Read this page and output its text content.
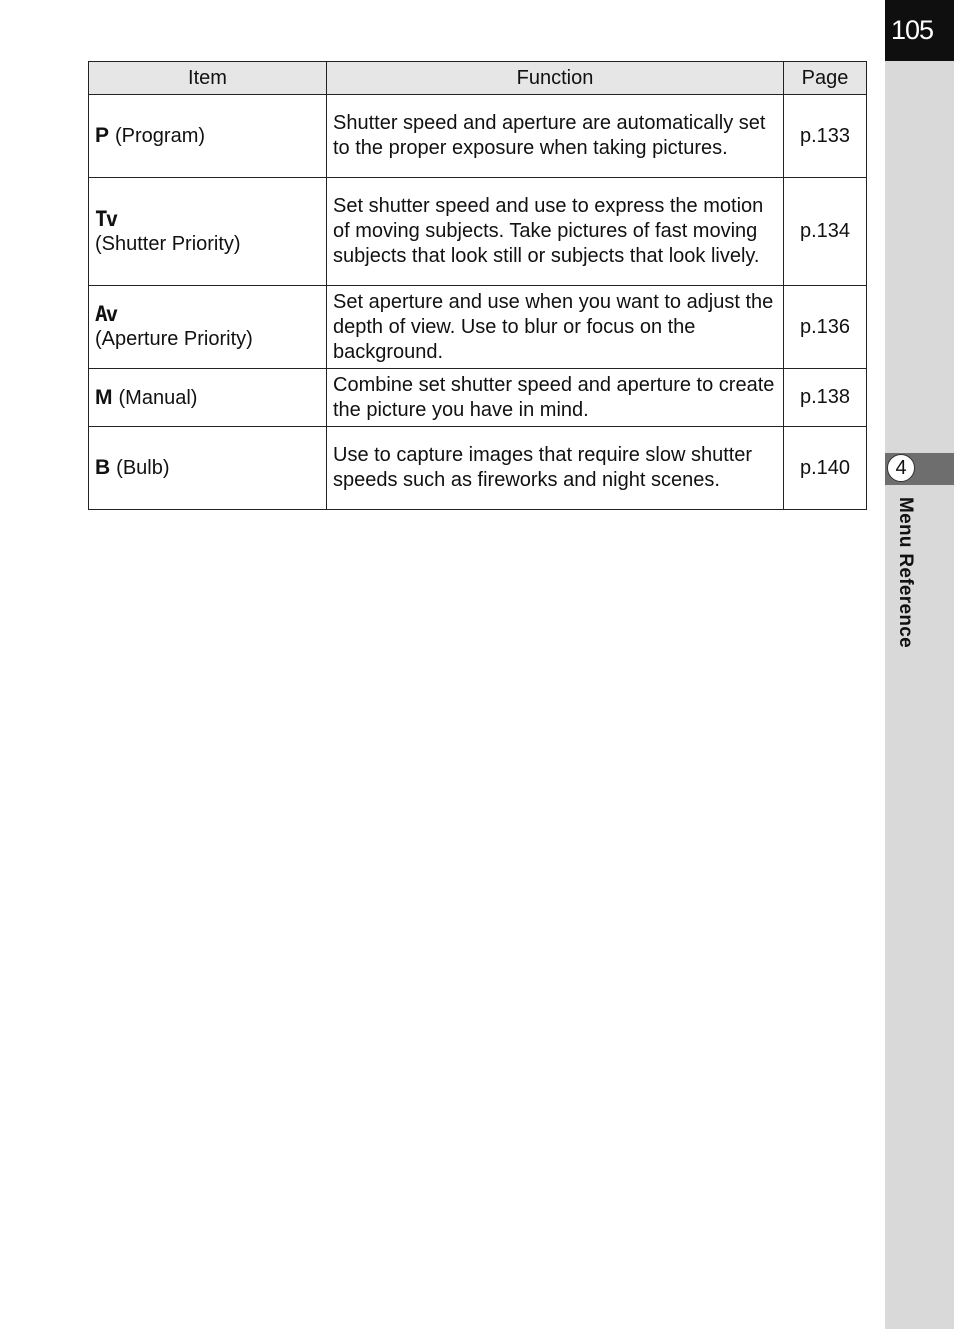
105
4
Menu Reference
Item	Function	Page
P (Program)	Shutter speed and aperture are automatically set to the proper exposure when taking pictures.	p.133

Tv
(Shutter Priority)	Set shutter speed and use to express the motion of moving subjects. Take pictures of fast moving subjects that look still or subjects that look lively.	p.134

Av
(Aperture Priority)	Set aperture and use when you want to adjust the depth of view. Use to blur or focus on the background.	p.136
M (Manual)	Combine set shutter speed and aperture to create the picture you have in mind.	p.138
B (Bulb)	Use to capture images that require slow shutter speeds such as fireworks and night scenes.	p.140
